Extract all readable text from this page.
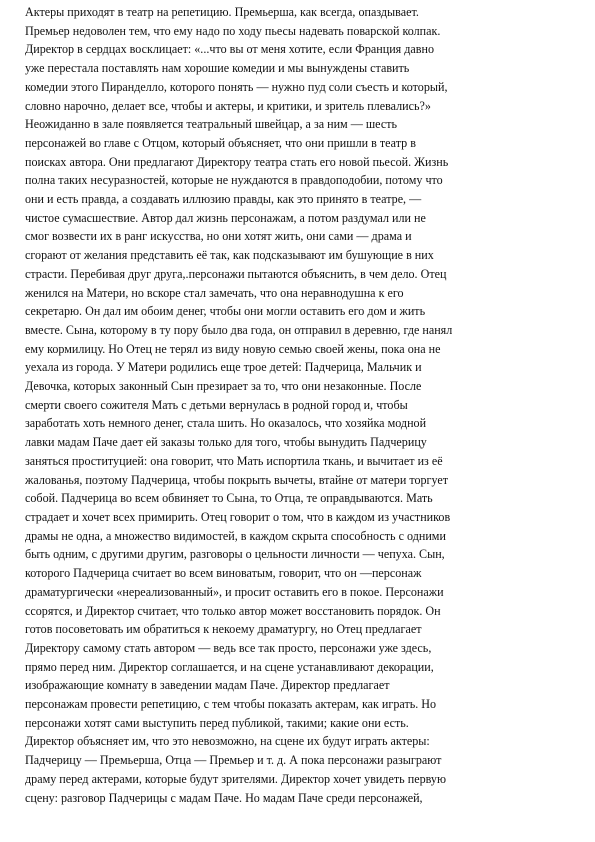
Актеры приходят в театр на репетицию. Премьерша, как всегда, опаздывает.
Премьер недоволен тем, что ему надо по ходу пьесы надевать поварской колпак.
Директор в сердцах восклицает: «...что вы от меня хотите, если Франция давно
уже перестала поставлять нам хорошие комедии и мы вынуждены ставить
комедии этого Пиранделло, которого понять — нужно пуд соли съесть и который,
словно нарочно, делает все, чтобы и актеры, и критики, и зритель плевались?»
Неожиданно в зале появляется театральный швейцар, а за ним — шесть
персонажей во главе с Отцом, который объясняет, что они пришли в театр в
поисках автора. Они предлагают Директору театра стать его новой пьесой. Жизнь
полна таких несуразностей, которые не нуждаются в правдоподобии, потому что
они и есть правда, а создавать иллюзию правды, как это принято в театре, —
чистое сумасшествие. Автор дал жизнь персонажам, а потом раздумал или не
смог возвести их в ранг искусства, но они хотят жить, они сами — драма и
сгорают от желания представить её так, как подсказывают им бушующие в них
страсти. Перебивая друг друга,.персонажи пытаются объяснить, в чем дело. Отец
женился на Матери, но вскоре стал замечать, что она неравнодушна к его
секретарю. Он дал им обоим денег, чтобы они могли оставить его дом и жить
вместе. Сына, которому в ту пору было два года, он отправил в деревню, где нанял
ему кормилицу. Но Отец не терял из виду новую семью своей жены, пока она не
уехала из города. У Матери родились еще трое детей: Падчерица, Мальчик и
Девочка, которых законный Сын презирает за то, что они незаконные. После
смерти своего сожителя Мать с детьми вернулась в родной город и, чтобы
заработать хоть немного денег, стала шить. Но оказалось, что хозяйка модной
лавки мадам Паче дает ей заказы только для того, чтобы вынудить Падчерицу
заняться проституцией: она говорит, что Мать испортила ткань, и вычитает из её
жалованья, поэтому Падчерица, чтобы покрыть вычеты, втайне от матери торгует
собой. Падчерица во всем обвиняет то Сына, то Отца, те оправдываются. Мать
страдает и хочет всех примирить. Отец говорит о том, что в каждом из участников
драмы не одна, а множество видимостей, в каждом скрыта способность с одними
быть одним, с другими другим, разговоры о цельности личности — чепуха. Сын,
которого Падчерица считает во всем виноватым, говорит, что он —персонаж
драматургически «нереализованный», и просит оставить его в покое. Персонажи
ссорятся, и Директор считает, что только автор может восстановить порядок. Он
готов посоветовать им обратиться к некоему драматургу, но Отец предлагает
Директору самому стать автором — ведь все так просто, персонажи уже здесь,
прямо перед ним. Директор соглашается, и на сцене устанавливают декорации,
изображающие комнату в заведении мадам Паче. Директор предлагает
персонажам провести репетицию, с тем чтобы показать актерам, как играть. Но
персонажи хотят сами выступить перед публикой, такими; какие они есть.
Директор объясняет им, что это невозможно, на сцене их будут играть актеры:
Падчерицу — Премьерша, Отца — Премьер и т. д. А пока персонажи разыграют
драму перед актерами, которые будут зрителями. Директор хочет увидеть первую
сцену: разговор Падчерицы с мадам Паче. Но мадам Паче среди персонажей,
